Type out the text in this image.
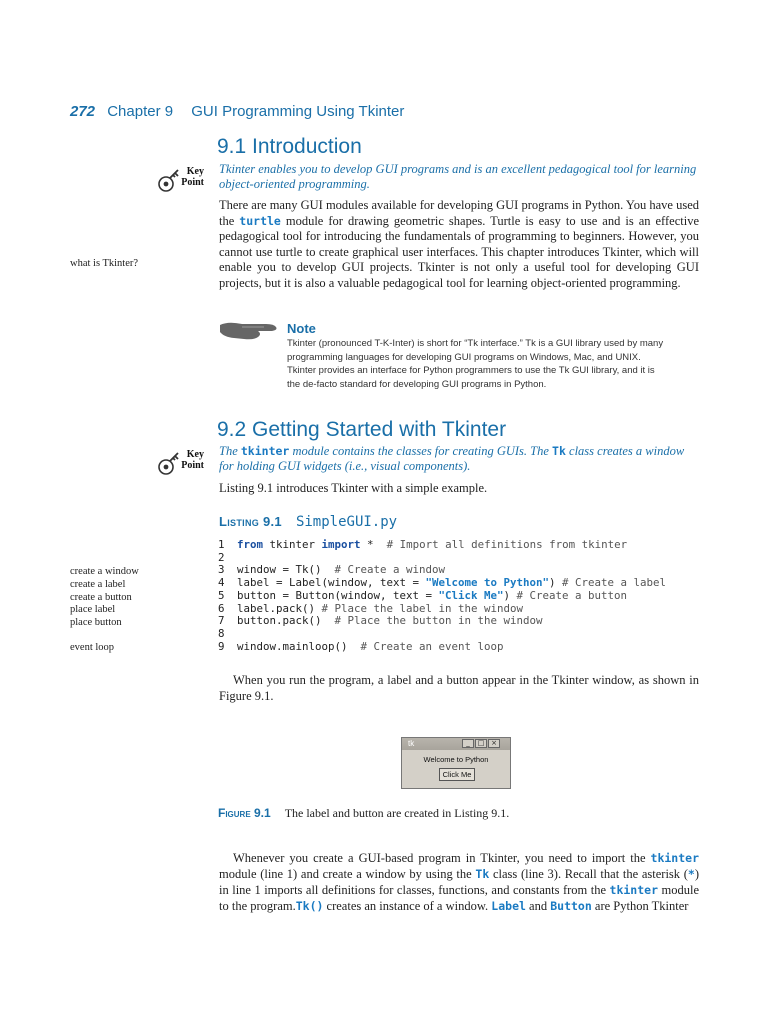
272 Chapter 9 GUI Programming Using Tkinter
9.1 Introduction
Key
Point
Tkinter enables you to develop GUI programs and is an excellent pedagogical tool for learning object-oriented programming.
There are many GUI modules available for developing GUI programs in Python. You have used the turtle module for drawing geometric shapes. Turtle is easy to use and is an effective pedagogical tool for introducing the fundamentals of programming to beginners. However, you cannot use turtle to create graphical user interfaces. This chapter introduces Tkinter, which will enable you to develop GUI projects. Tkinter is not only a useful tool for developing GUI projects, but it is also a valuable pedagogical tool for learning object-oriented programming.
what is Tkinter?
Note
Tkinter (pronounced T-K-Inter) is short for “Tk interface.” Tk is a GUI library used by many programming languages for developing GUI programs on Windows, Mac, and UNIX. Tkinter provides an interface for Python programmers to use the Tk GUI library, and it is the de-facto standard for developing GUI programs in Python.
9.2 Getting Started with Tkinter
Key
Point
The tkinter module contains the classes for creating GUIs. The Tk class creates a window for holding GUI widgets (i.e., visual components).
Listing 9.1 introduces Tkinter with a simple example.
Listing 9.1 SimpleGUI.py
1 from tkinter import *  # Import all definitions from tkinter
2
3 window = Tk()  # Create a window
4 label = Label(window, text = "Welcome to Python") # Create a label
5 button = Button(window, text = "Click Me") # Create a button
6 label.pack() # Place the label in the window
7 button.pack()  # Place the button in the window
8
9 window.mainloop()  # Create an event loop
create a window
create a label
create a button
place label
place button
event loop
When you run the program, a label and a button appear in the Tkinter window, as shown in Figure 9.1.
tk	_	□ ×
Welcome to Python
Click Me
Figure 9.1 The label and button are created in Listing 9.1.
Whenever you create a GUI-based program in Tkinter, you need to import the tkinter module (line 1) and create a window by using the Tk class (line 3). Recall that the asterisk (*) in line 1 imports all definitions for classes, functions, and constants from the tkinter module to the program.Tk() creates an instance of a window. Label and Button are Python Tkinter
